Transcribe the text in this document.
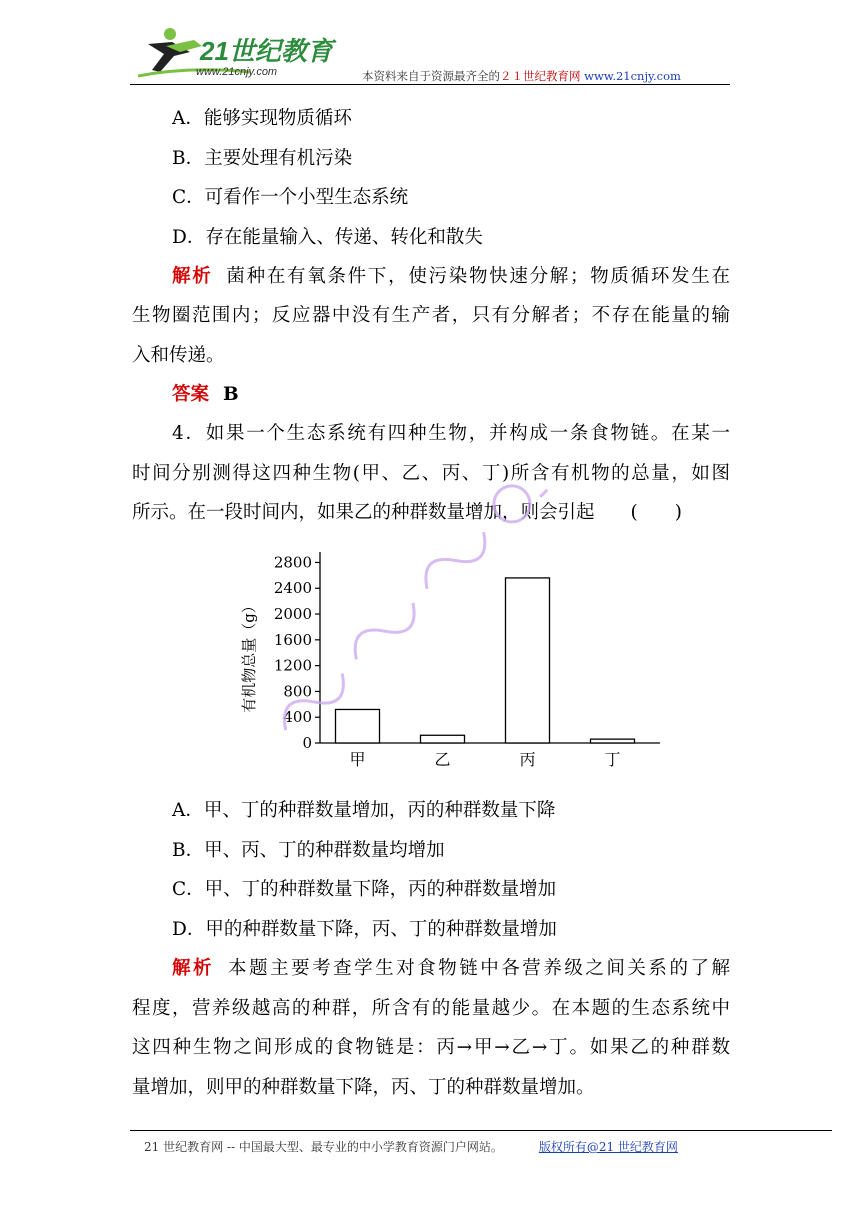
21世纪教育
www.21cnjy.com	本资料来自于资源最齐全的２１世纪教育网 www.21cnjy.com
A．能够实现物质循环
B．主要处理有机污染
C．可看作一个小型生态系统
D．存在能量输入、传递、转化和散失
解析 菌种在有氧条件下，使污染物快速分解；物质循环发生在
生物圈范围内；反应器中没有生产者，只有分解者；不存在能量的输
入和传递。
答案 B
4．如果一个生态系统有四种生物，并构成一条食物链。在某一
时间分别测得这四种生物(甲、乙、丙、丁)所含有机物的总量，如图
所示。在一段时间内，如果乙的种群数量增加，则会引起 (　　)
0
400
800
1200
1600
2000
2400
2800
有机物总量（g）
甲	乙	丙	丁
A．甲、丁的种群数量增加，丙的种群数量下降
B．甲、丙、丁的种群数量均增加
C．甲、丁的种群数量下降，丙的种群数量增加
D．甲的种群数量下降，丙、丁的种群数量增加
解析 本题主要考查学生对食物链中各营养级之间关系的了解
程度，营养级越高的种群，所含有的能量越少。在本题的生态系统中
这四种生物之间形成的食物链是：丙→甲→乙→丁。如果乙的种群数
量增加，则甲的种群数量下降，丙、丁的种群数量增加。
21 世纪教育网 -- 中国最大型、最专业的中小学教育资源门户网站。	版权所有@21 世纪教育网
